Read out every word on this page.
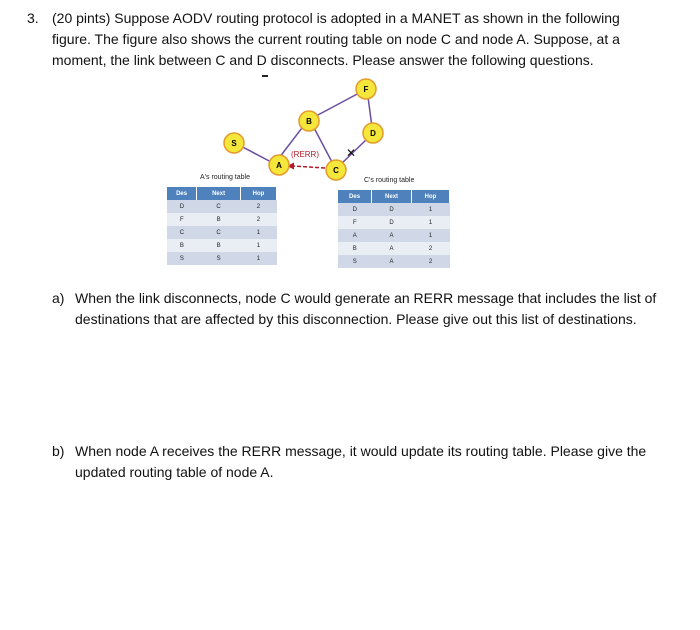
3. (20 pints) Suppose AODV routing protocol is adopted in a MANET as shown in the following figure. The figure also shows the current routing table on node C and node A. Suppose, at a moment, the link between C and D disconnects. Please answer the following questions.
(RERR) ✕
S
A
B
C
D
F
A's routing table
Des	Next	Hop
D	C	2
F	B	2
C	C	1
B	B	1
S	S	1
C's routing table
Des	Next	Hop
D	D	1
F	D	1
A	A	1
B	A	2
S	A	2
a) When the link disconnects, node C would generate an RERR message that includes the list of destinations that are affected by this disconnection. Please give out this list of destinations.
b) When node A receives the RERR message, it would update its routing table. Please give the updated routing table of node A.
